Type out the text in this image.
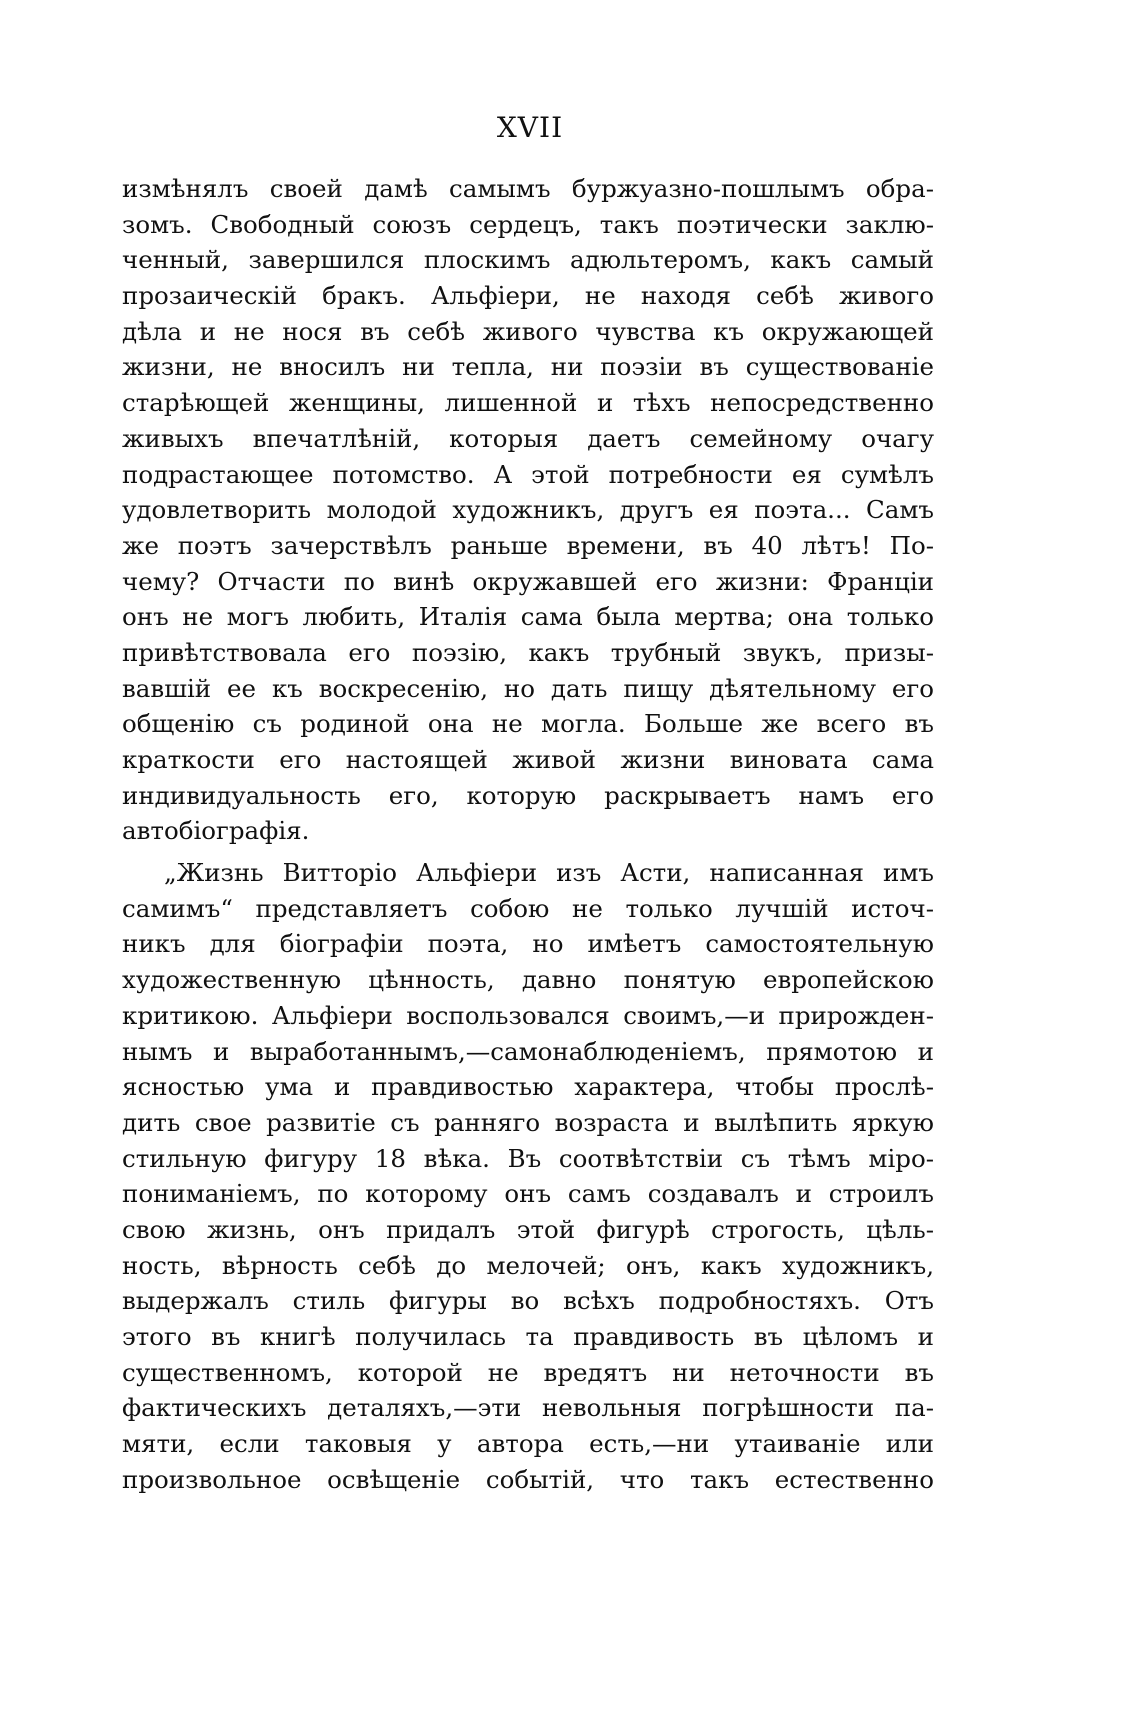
XVII
измѣнялъ своей дамѣ самымъ буржуазно-пошлымъ обра-
зомъ. Свободный союзъ сердецъ, такъ поэтически заклю-
ченный, завершился плоскимъ адюльтеромъ, какъ самый
прозаическій бракъ. Альфіери, не находя себѣ живого
дѣла и не нося въ себѣ живого чувства къ окружающей
жизни, не вносилъ ни тепла, ни поэзіи въ существованіе
старѣющей женщины, лишенной и тѣхъ непосредственно
живыхъ впечатлѣній, которыя даетъ семейному очагу
подрастающее потомство. А этой потребности ея сумѣлъ
удовлетворить молодой художникъ, другъ ея поэта... Самъ
же поэтъ зачерствѣлъ раньше времени, въ 40 лѣтъ! По-
чему? Отчасти по винѣ окружавшей его жизни: Франціи
онъ не могъ любить, Италія сама была мертва; она только
привѣтствовала его поэзію, какъ трубный звукъ, призы-
вавшій ее къ воскресенію, но дать пищу дѣятельному его
общенію съ родиной она не могла. Больше же всего въ
краткости его настоящей живой жизни виновата сама
индивидуальность его, которую раскрываетъ намъ его
автобіографія.
„Жизнь Витторіо Альфіери изъ Асти, написанная имъ
самимъ“ представляетъ собою не только лучшій источ-
никъ для біографіи поэта, но имѣетъ самостоятельную
художественную цѣнность, давно понятую европейскою
критикою. Альфіери воспользовался своимъ,—и прирожден-
нымъ и выработаннымъ,—самонаблюденіемъ, прямотою и
ясностью ума и правдивостью характера, чтобы прослѣ-
дить свое развитіе съ ранняго возраста и вылѣпить яркую
стильную фигуру 18 вѣка. Въ соотвѣтствіи съ тѣмъ міро-
пониманіемъ, по которому онъ самъ создавалъ и строилъ
свою жизнь, онъ придалъ этой фигурѣ строгость, цѣль-
ность, вѣрность себѣ до мелочей; онъ, какъ художникъ,
выдержалъ стиль фигуры во всѣхъ подробностяхъ. Отъ
этого въ книгѣ получилась та правдивость въ цѣломъ и
существенномъ, которой не вредятъ ни неточности въ
фактическихъ деталяхъ,—эти невольныя погрѣшности па-
мяти, если таковыя у автора есть,—ни утаиваніе или
произвольное освѣщеніе событій, что такъ естественно
